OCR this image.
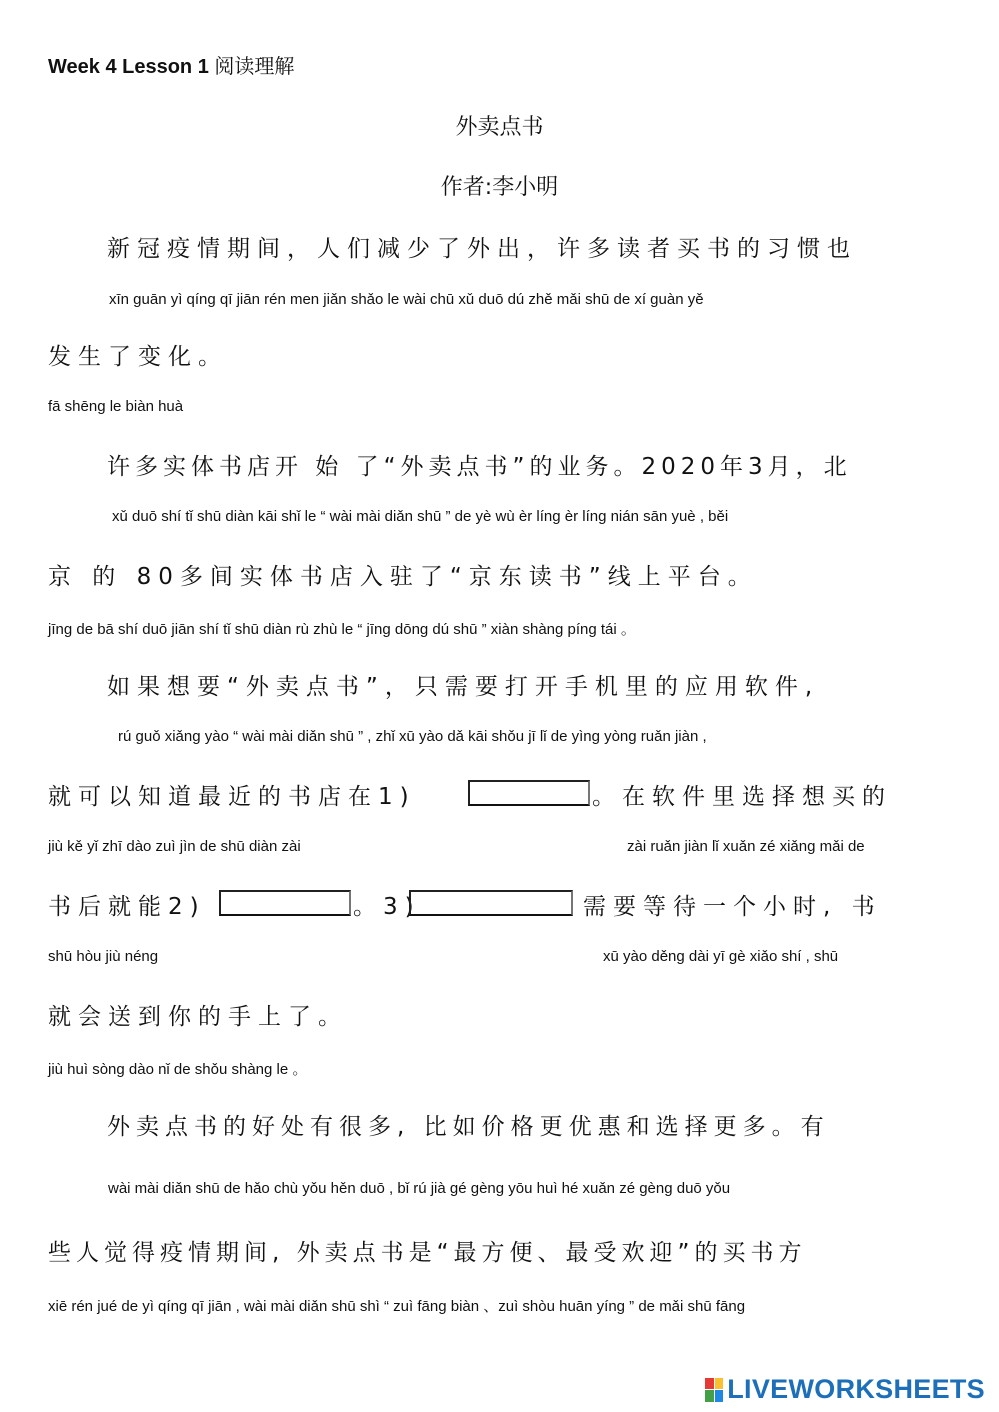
Week 4 Lesson 1 阅读理解
外卖点书
作者:李小明
新冠疫情期间，人们减少了外出，许多读者买书的习惯也
xīn guān yì qíng qī jiān rén men jiǎn shǎo le wài chū xǔ duō dú zhě mǎi shū de xí guàn yě
发生了变化。
fā shēng le biàn huà
许多实体书店开 始 了“外卖点书”的业务。2020年3月，北
xǔ duō shí tǐ shū diàn kāi shǐ le “ wài mài diǎn shū ” de yè wù èr líng èr líng nián sān yuè , běi
京 的 80多间实体书店入驻了“京东读书”线上平台。
jīng de bā shí duō jiān shí tǐ shū diàn rù zhù le “ jīng dōng dú shū ” xiàn shàng píng tái 。
如果想要“外卖点书”，只需要打开手机里的应用软件,
rú guǒ xiǎng yào “ wài mài diǎn shū ” , zhǐ xū yào dǎ kāi shǒu jī lǐ de yìng yòng ruǎn jiàn ,
就可以知道最近的书店在1)	。在软件里选择想买的
jiù kě yǐ zhī dào zuì jìn de shū diàn zài	zài ruǎn jiàn lǐ xuǎn zé xiǎng mǎi de
书后就能2)	。3)	需要等待一个小时, 书
shū hòu jiù néng	xū yào děng dài yī gè xiǎo shí , shū
就会送到你的手上了。
jiù huì sòng dào nǐ de shǒu shàng le 。
外卖点书的好处有很多, 比如价格更优惠和选择更多。有
wài mài diǎn shū de hǎo chù yǒu hěn duō , bǐ rú jià gé gèng yōu huì hé xuǎn zé gèng duō yǒu
些人觉得疫情期间, 外卖点书是“最方便、最受欢迎”的买书方
xiē rén jué de yì qíng qī jiān , wài mài diǎn shū shì “ zuì fāng biàn 、zuì shòu huān yíng ” de mǎi shū fāng
LIVEWORKSHEETS
